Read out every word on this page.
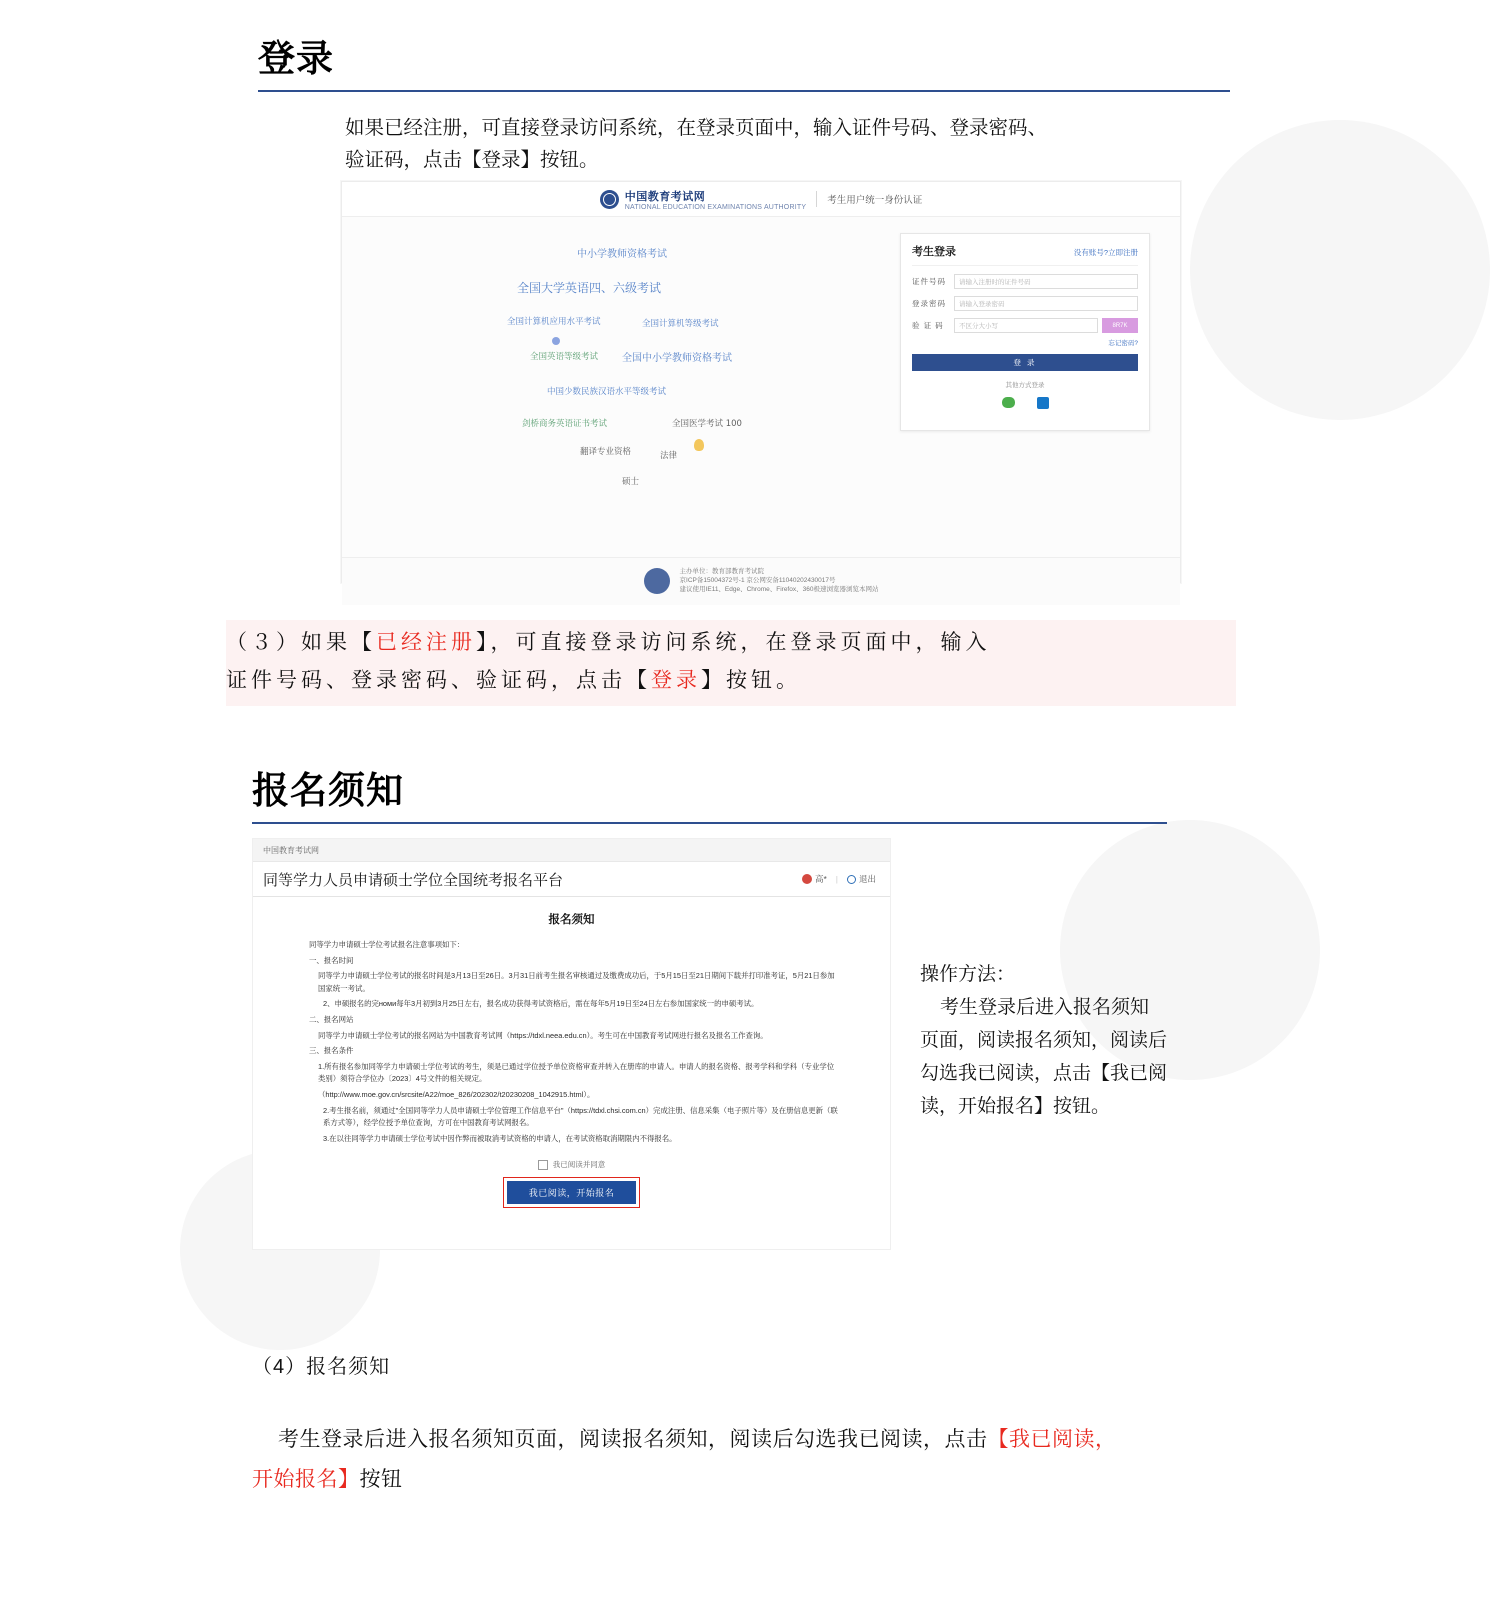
登录
如果已经注册，可直接登录访问系统，在登录页面中，输入证件号码、登录密码、
验证码，点击【登录】按钮。
中国教育考试网
NATIONAL EDUCATION EXAMINATIONS AUTHORITY
考生用户统一身份认证
中小学教师资格考试
全国大学英语四、六级考试
全国计算机应用水平考试	全国计算机等级考试
全国英语等级考试 全国中小学教师资格考试
中国少数民族汉语水平等级考试
剑桥商务英语证书考试	全国医学考试 100
翻译专业资格	法律
硕士
考生登录	没有账号?立即注册
证件号码	请输入注册时的证件号码
登录密码	请输入登录密码
验 证 码	不区分大小写	8R7K
忘记密码?
登 录
其他方式登录
主办单位：教育部教育考试院
京ICP备15004372号-1 京公网安备11040202430017号
建议使用IE11、Edge、Chrome、Firefox、360极速浏览器浏览本网站
（３）如果【已经注册】，可直接登录访问系统，在登录页面中，输入
证件号码、登录密码、验证码，点击【登录】按钮。
报名须知
中国教育考试网
同等学力人员申请硕士学位全国统考报名平台	高* | 退出
报名须知

同等学力申请硕士学位考试报名注意事项如下：

一、报名时间

同等学力申请硕士学位考试的报名时间是3月13日至26日。3月31日前考生报名审核通过及缴费成功后，于5月15日至21日期间下载并打印准考证，5月21日参加国家统一考试。

2、申硕报名的完номи每年3月初到3月25日左右，报名成功获得考试资格后，需在每年5月19日至24日左右参加国家统一的申硕考试。

二、报名网站

同等学力申请硕士学位考试的报名网站为中国教育考试网（https://tdxl.neea.edu.cn）。考生可在中国教育考试网进行报名及报名工作查询。

三、报名条件

1.所有报名参加同等学力申请硕士学位考试的考生，须是已通过学位授予单位资格审查并转入在册库的申请人。申请人的报名资格、报考学科和学科（专业学位类别）须符合学位办〔2023〕4号文件的相关规定。

（http://www.moe.gov.cn/srcsite/A22/moe_826/202302/t20230208_1042915.html）。

2.考生报名前，须通过"全国同等学力人员申请硕士学位管理工作信息平台"（https://tdxl.chsi.com.cn）完成注册、信息采集（电子照片等）及在册信息更新（联系方式等），经学位授予单位查询，方可在中国教育考试网报名。

3.在以往同等学力申请硕士学位考试中因作弊而被取消考试资格的申请人，在考试资格取消期限内不得报名。

我已阅读并同意
我已阅读，开始报名
操作方法：
考生登录后进入报名须知
页面，阅读报名须知，阅读后
勾选我已阅读，点击【我已阅
读，开始报名】按钮。
（4）报名须知
考生登录后进入报名须知页面，阅读报名须知，阅读后勾选我已阅读，点击【我已阅读，
开始报名】按钮
